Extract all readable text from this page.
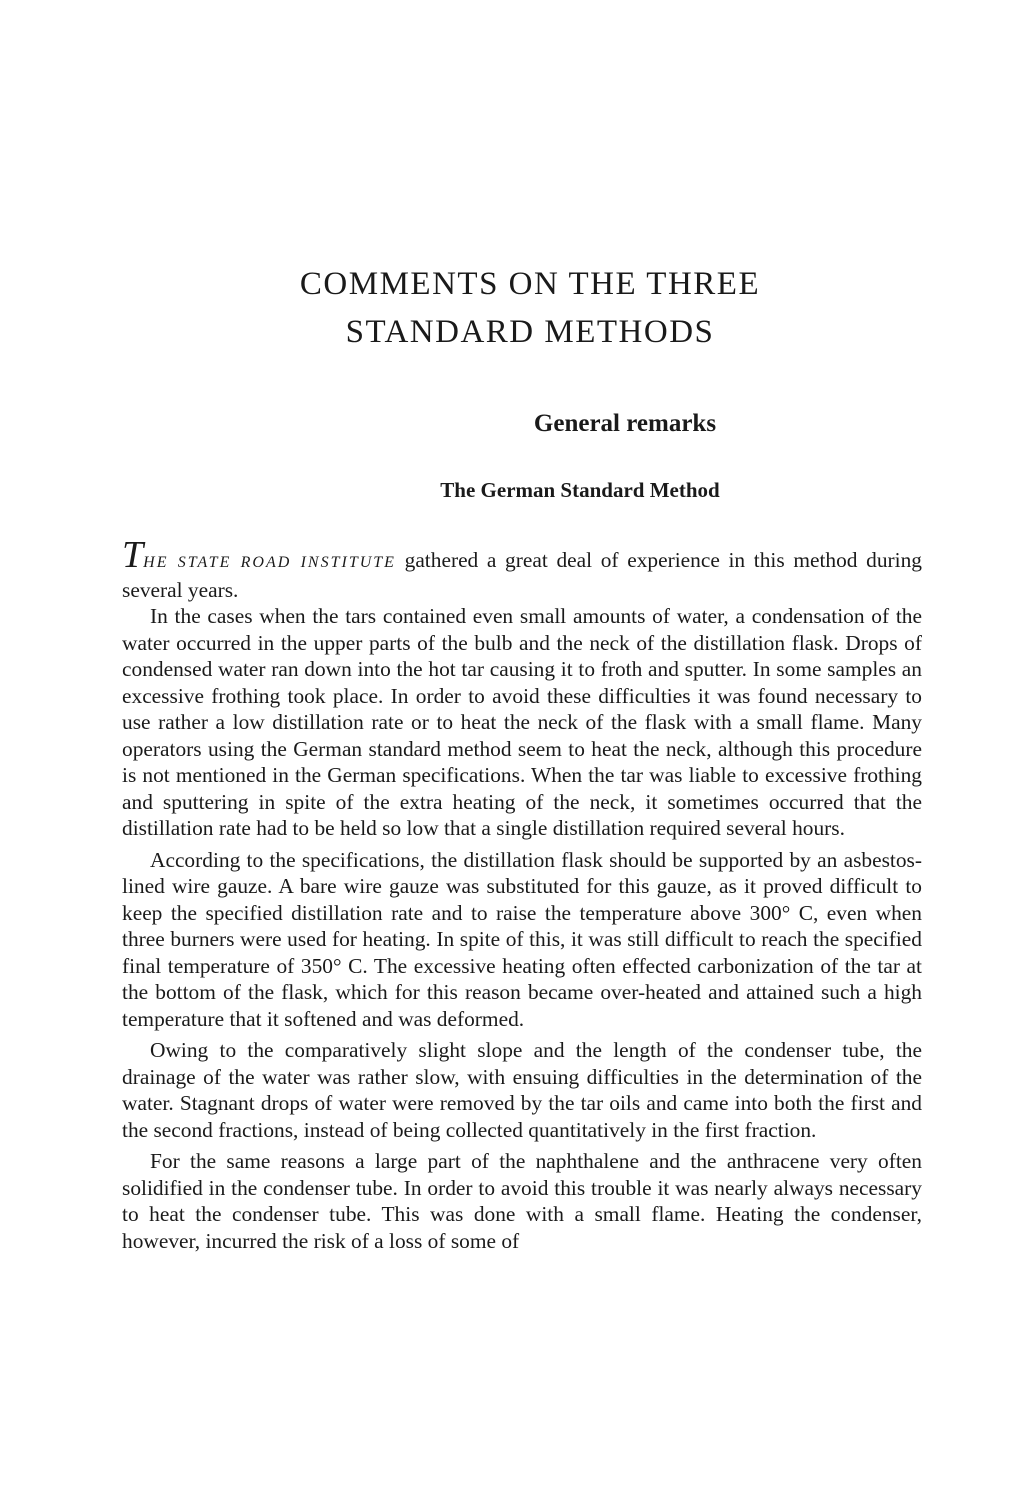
COMMENTS ON THE THREE
STANDARD METHODS
General remarks
The German Standard Method

THE STATE ROAD INSTITUTE gathered a great deal of experience in this method during several years.

In the cases when the tars contained even small amounts of water, a condensation of the water occurred in the upper parts of the bulb and the neck of the distillation flask. Drops of condensed water ran down into the hot tar causing it to froth and sputter. In some samples an excessive frothing took place. In order to avoid these difficulties it was found necessary to use rather a low distillation rate or to heat the neck of the flask with a small flame. Many operators using the German standard method seem to heat the neck, although this procedure is not mentioned in the German specifications. When the tar was liable to excessive frothing and sputtering in spite of the extra heating of the neck, it sometimes occurred that the distillation rate had to be held so low that a single distillation required several hours.

According to the specifications, the distillation flask should be supported by an asbestos-lined wire gauze. A bare wire gauze was substituted for this gauze, as it proved difficult to keep the specified distillation rate and to raise the temperature above 300° C, even when three burners were used for heating. In spite of this, it was still difficult to reach the specified final temperature of 350° C. The excessive heating often effected carbonization of the tar at the bottom of the flask, which for this reason became over-heated and attained such a high temperature that it softened and was deformed.

Owing to the comparatively slight slope and the length of the condenser tube, the drainage of the water was rather slow, with ensuing difficulties in the determination of the water. Stagnant drops of water were removed by the tar oils and came into both the first and the second fractions, instead of being collected quantitatively in the first fraction.

For the same reasons a large part of the naphthalene and the anthracene very often solidified in the condenser tube. In order to avoid this trouble it was nearly always necessary to heat the condenser tube. This was done with a small flame. Heating the condenser, however, incurred the risk of a loss of some of
